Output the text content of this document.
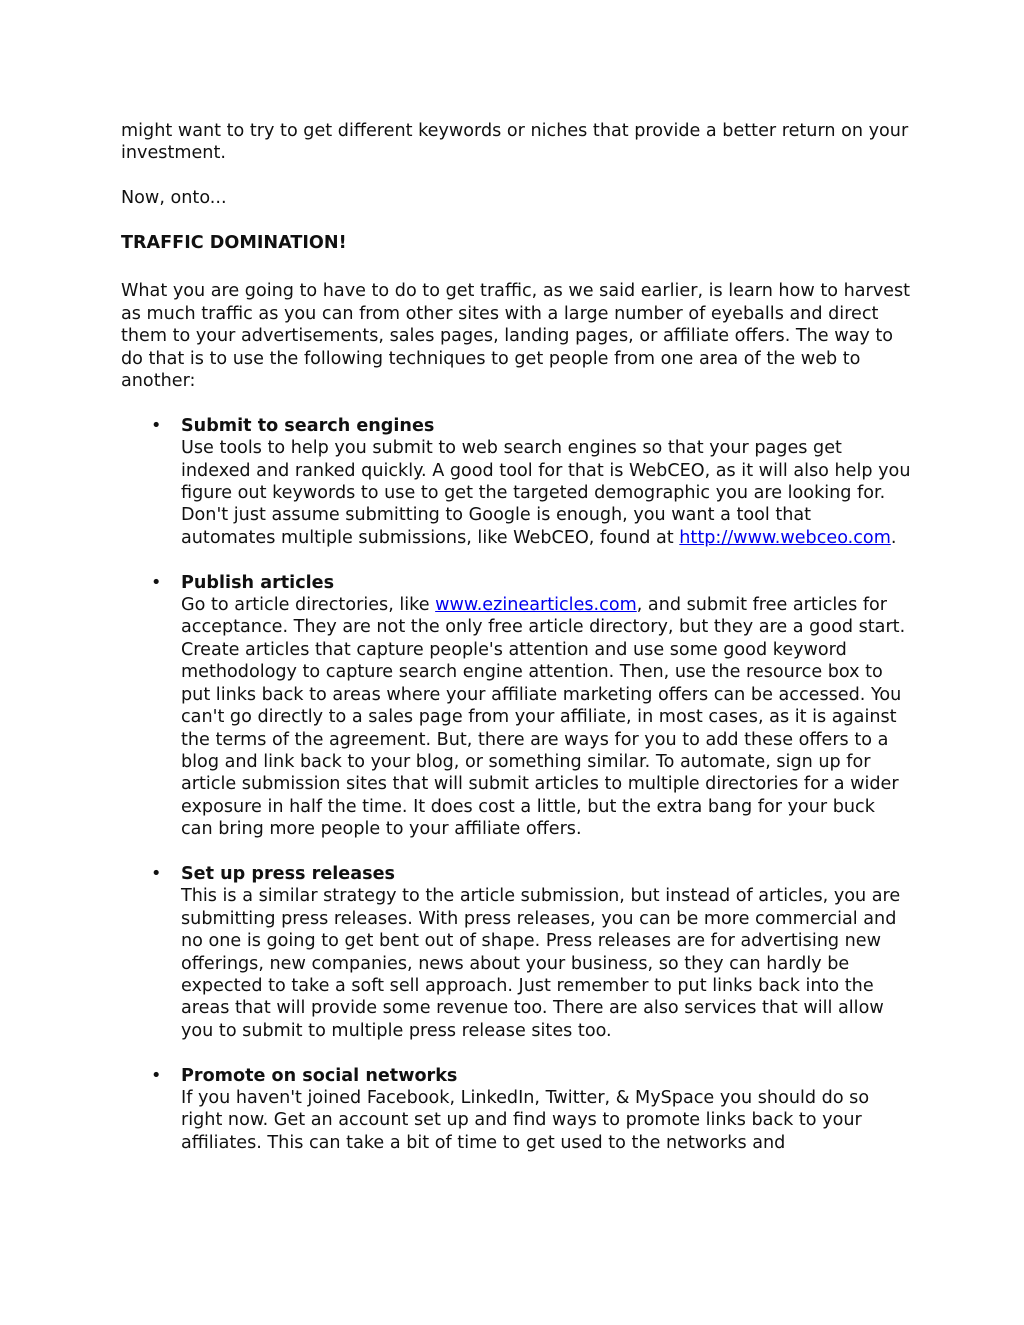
might want to try to get different keywords or niches that provide a better return on your investment.

Now, onto...

TRAFFIC DOMINATION!

What you are going to have to do to get traffic, as we said earlier, is learn how to harvest as much traffic as you can from other sites with a large number of eyeballs and direct them to your advertisements, sales pages, landing pages, or affiliate offers. The way to do that is to use the following techniques to get people from one area of the web to another:

• Submit to search engines
Use tools to help you submit to web search engines so that your pages get indexed and ranked quickly. A good tool for that is WebCEO, as it will also help you figure out keywords to use to get the targeted demographic you are looking for. Don't just assume submitting to Google is enough, you want a tool that automates multiple submissions, like WebCEO, found at http://www.webceo.com.
• Publish articles
Go to article directories, like www.ezinearticles.com, and submit free articles for acceptance. They are not the only free article directory, but they are a good start. Create articles that capture people's attention and use some good keyword methodology to capture search engine attention. Then, use the resource box to put links back to areas where your affiliate marketing offers can be accessed. You can't go directly to a sales page from your affiliate, in most cases, as it is against the terms of the agreement. But, there are ways for you to add these offers to a blog and link back to your blog, or something similar. To automate, sign up for article submission sites that will submit articles to multiple directories for a wider exposure in half the time. It does cost a little, but the extra bang for your buck can bring more people to your affiliate offers.
• Set up press releases
This is a similar strategy to the article submission, but instead of articles, you are submitting press releases. With press releases, you can be more commercial and no one is going to get bent out of shape. Press releases are for advertising new offerings, new companies, news about your business, so they can hardly be expected to take a soft sell approach. Just remember to put links back into the areas that will provide some revenue too. There are also services that will allow you to submit to multiple press release sites too.
• Promote on social networks
If you haven't joined Facebook, LinkedIn, Twitter, & MySpace you should do so right now. Get an account set up and find ways to promote links back to your affiliates. This can take a bit of time to get used to the networks and
